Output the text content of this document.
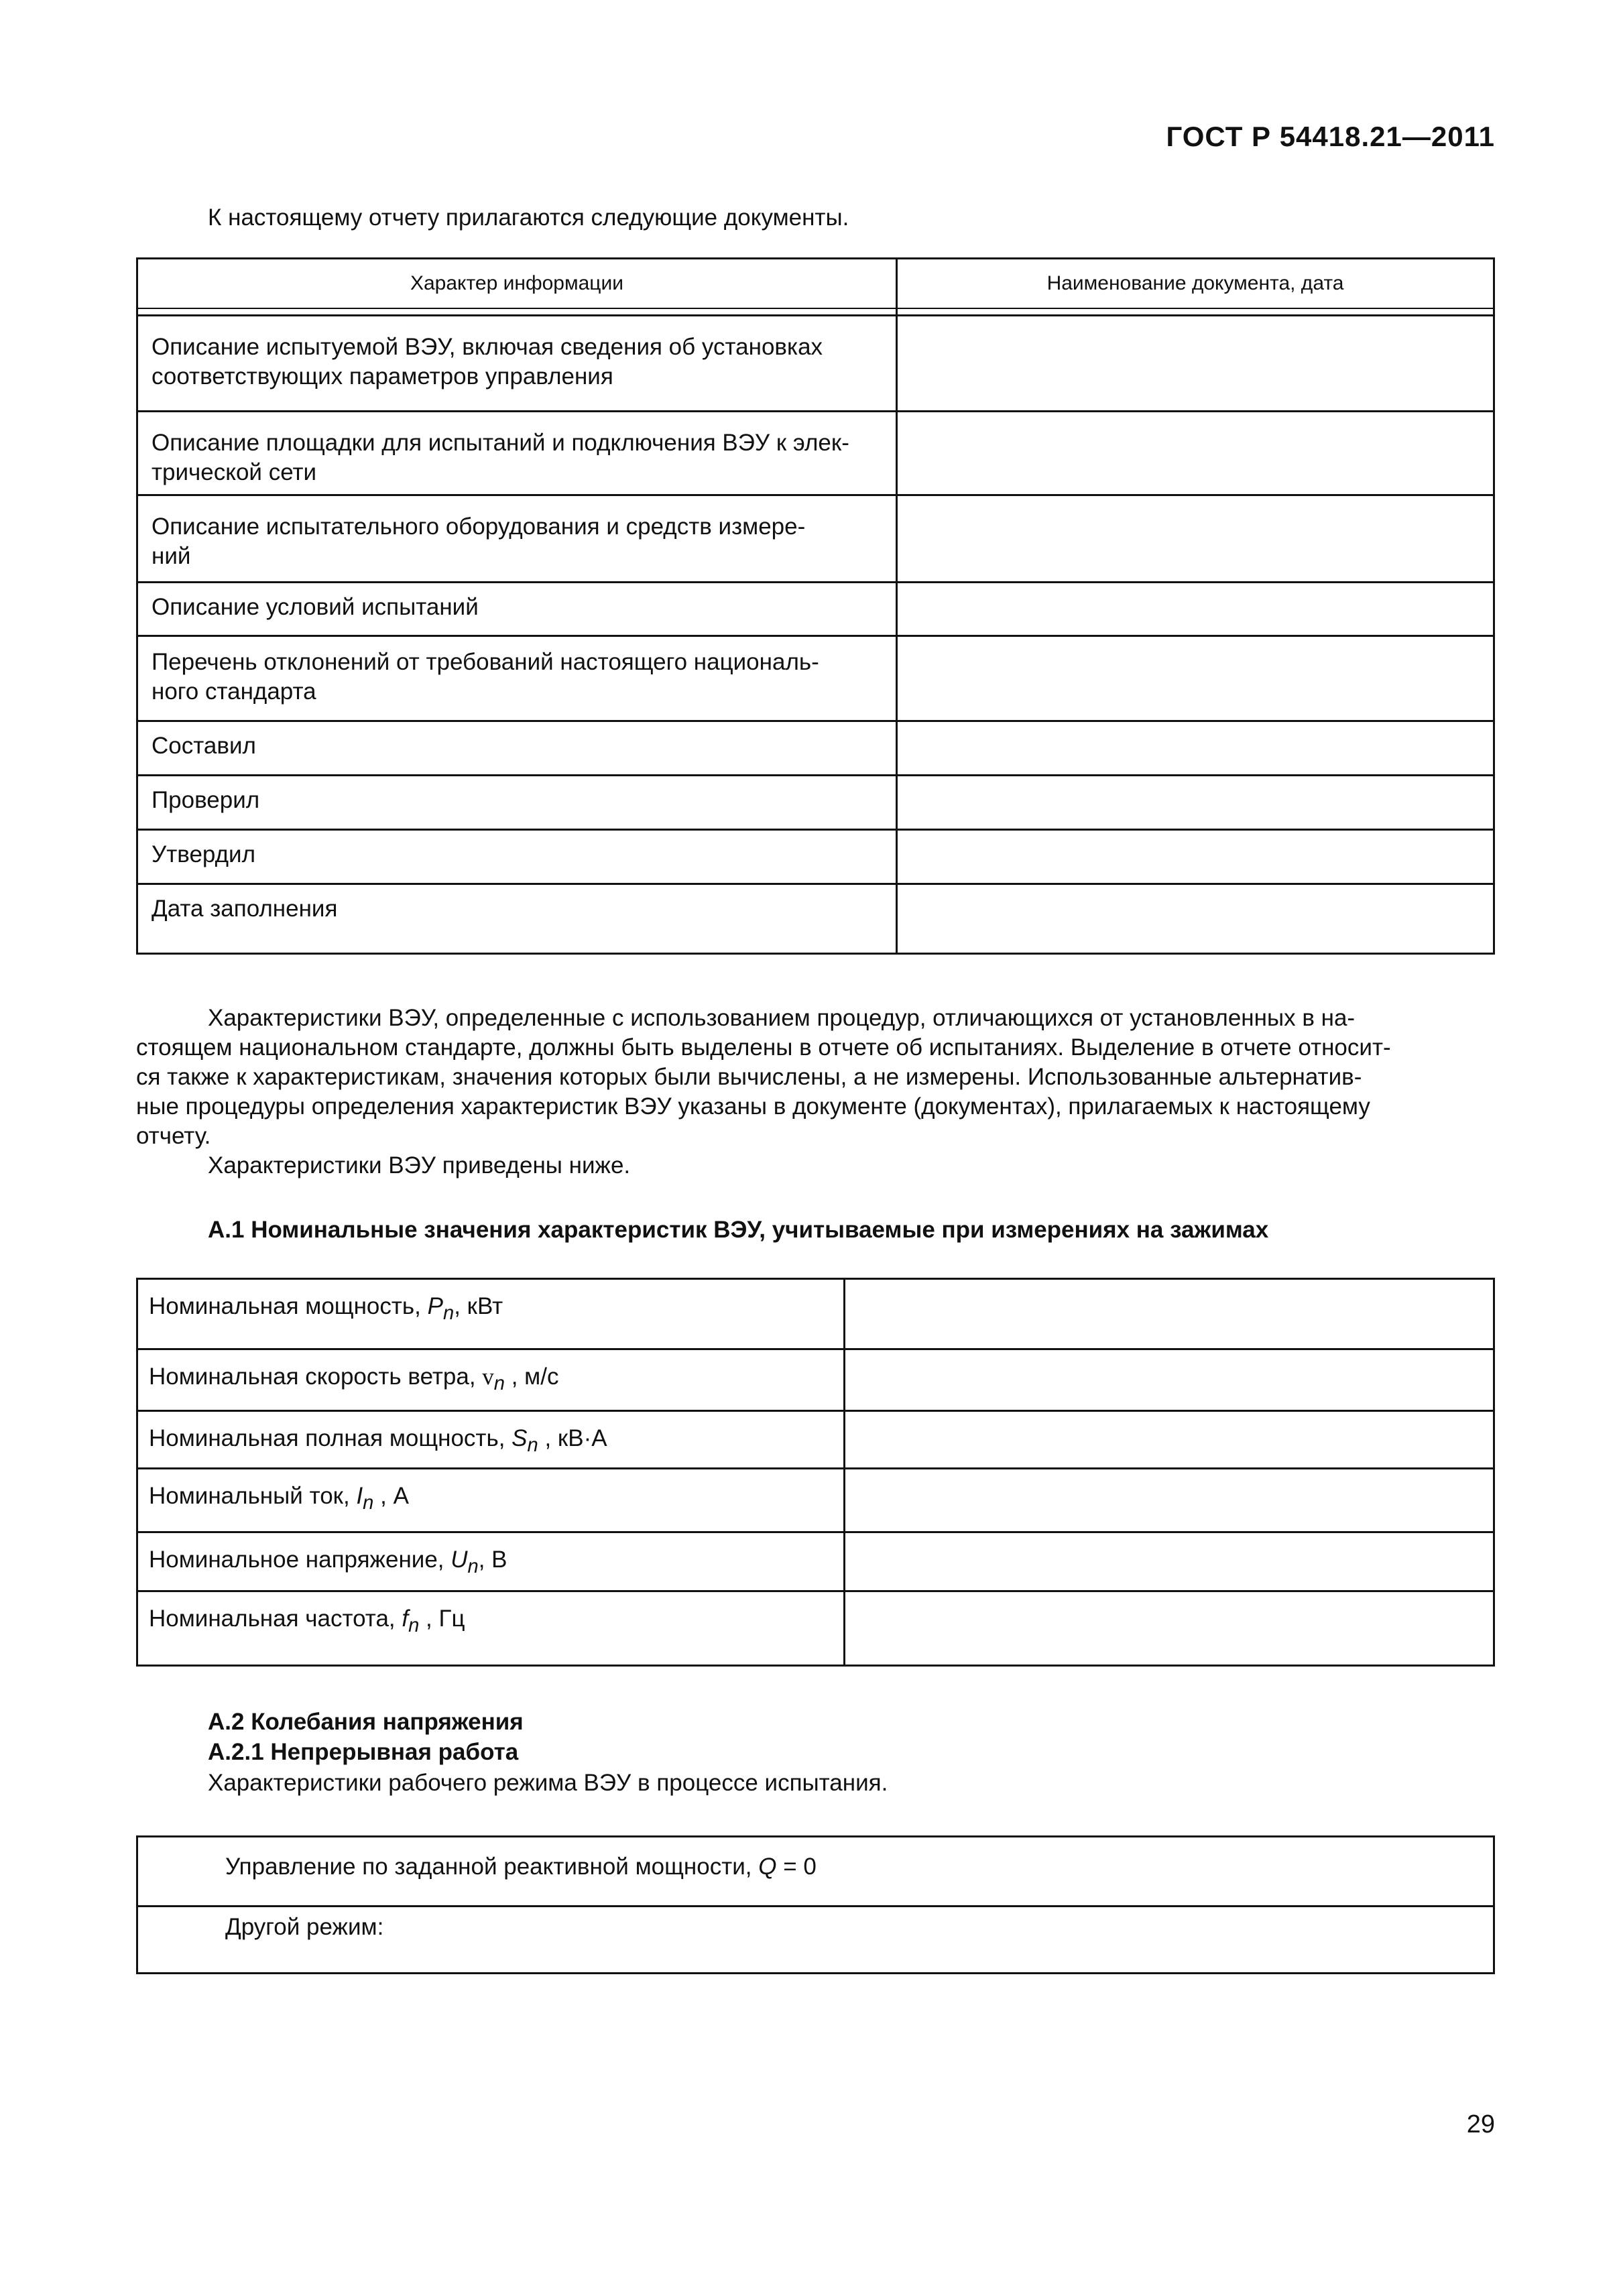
ГОСТ Р 54418.21—2011
К настоящему отчету прилагаются следующие документы.
Характер информации	Наименование документа, дата

Описание испытуемой ВЭУ, включая сведения об установках
соответствующих параметров управления	

Описание площадки для испытаний и подключения ВЭУ к элек-
трической сети	

Описание испытательного оборудования и средств измере-
ний	

Описание условий испытаний	

Перечень отклонений от требований настоящего националь-
ного стандарта	

Составил	
Проверил	
Утвердил	
Дата заполнения	
Характеристики ВЭУ, определенные с использованием процедур, отличающихся от установленных в на-
стоящем национальном стандарте, должны быть выделены в отчете об испытаниях. Выделение в отчете относит-
ся также к характеристикам, значения которых были вычислены, а не измерены. Использованные альтернатив-
ные процедуры определения характеристик ВЭУ указаны в документе (документах), прилагаемых к настоящему
отчету.
Характеристики ВЭУ приведены ниже.
А.1 Номинальные значения характеристик ВЭУ, учитываемые при измерениях на зажимах
Номинальная мощность, $P_n$, кВт	
Номинальная скорость ветра, $v_n$ , м/с	
Номинальная полная мощность, $S_n$ , кВ·А	
Номинальный ток, $I_n$ , А	
Номинальное напряжение, $U_n$, В	
Номинальная частота, $f_n$ , Гц	
А.2 Колебания напряжения
А.2.1 Непрерывная работа
Характеристики рабочего режима ВЭУ в процессе испытания.
Управление по заданной реактивной мощности, Q = 0
Другой режим:
29
